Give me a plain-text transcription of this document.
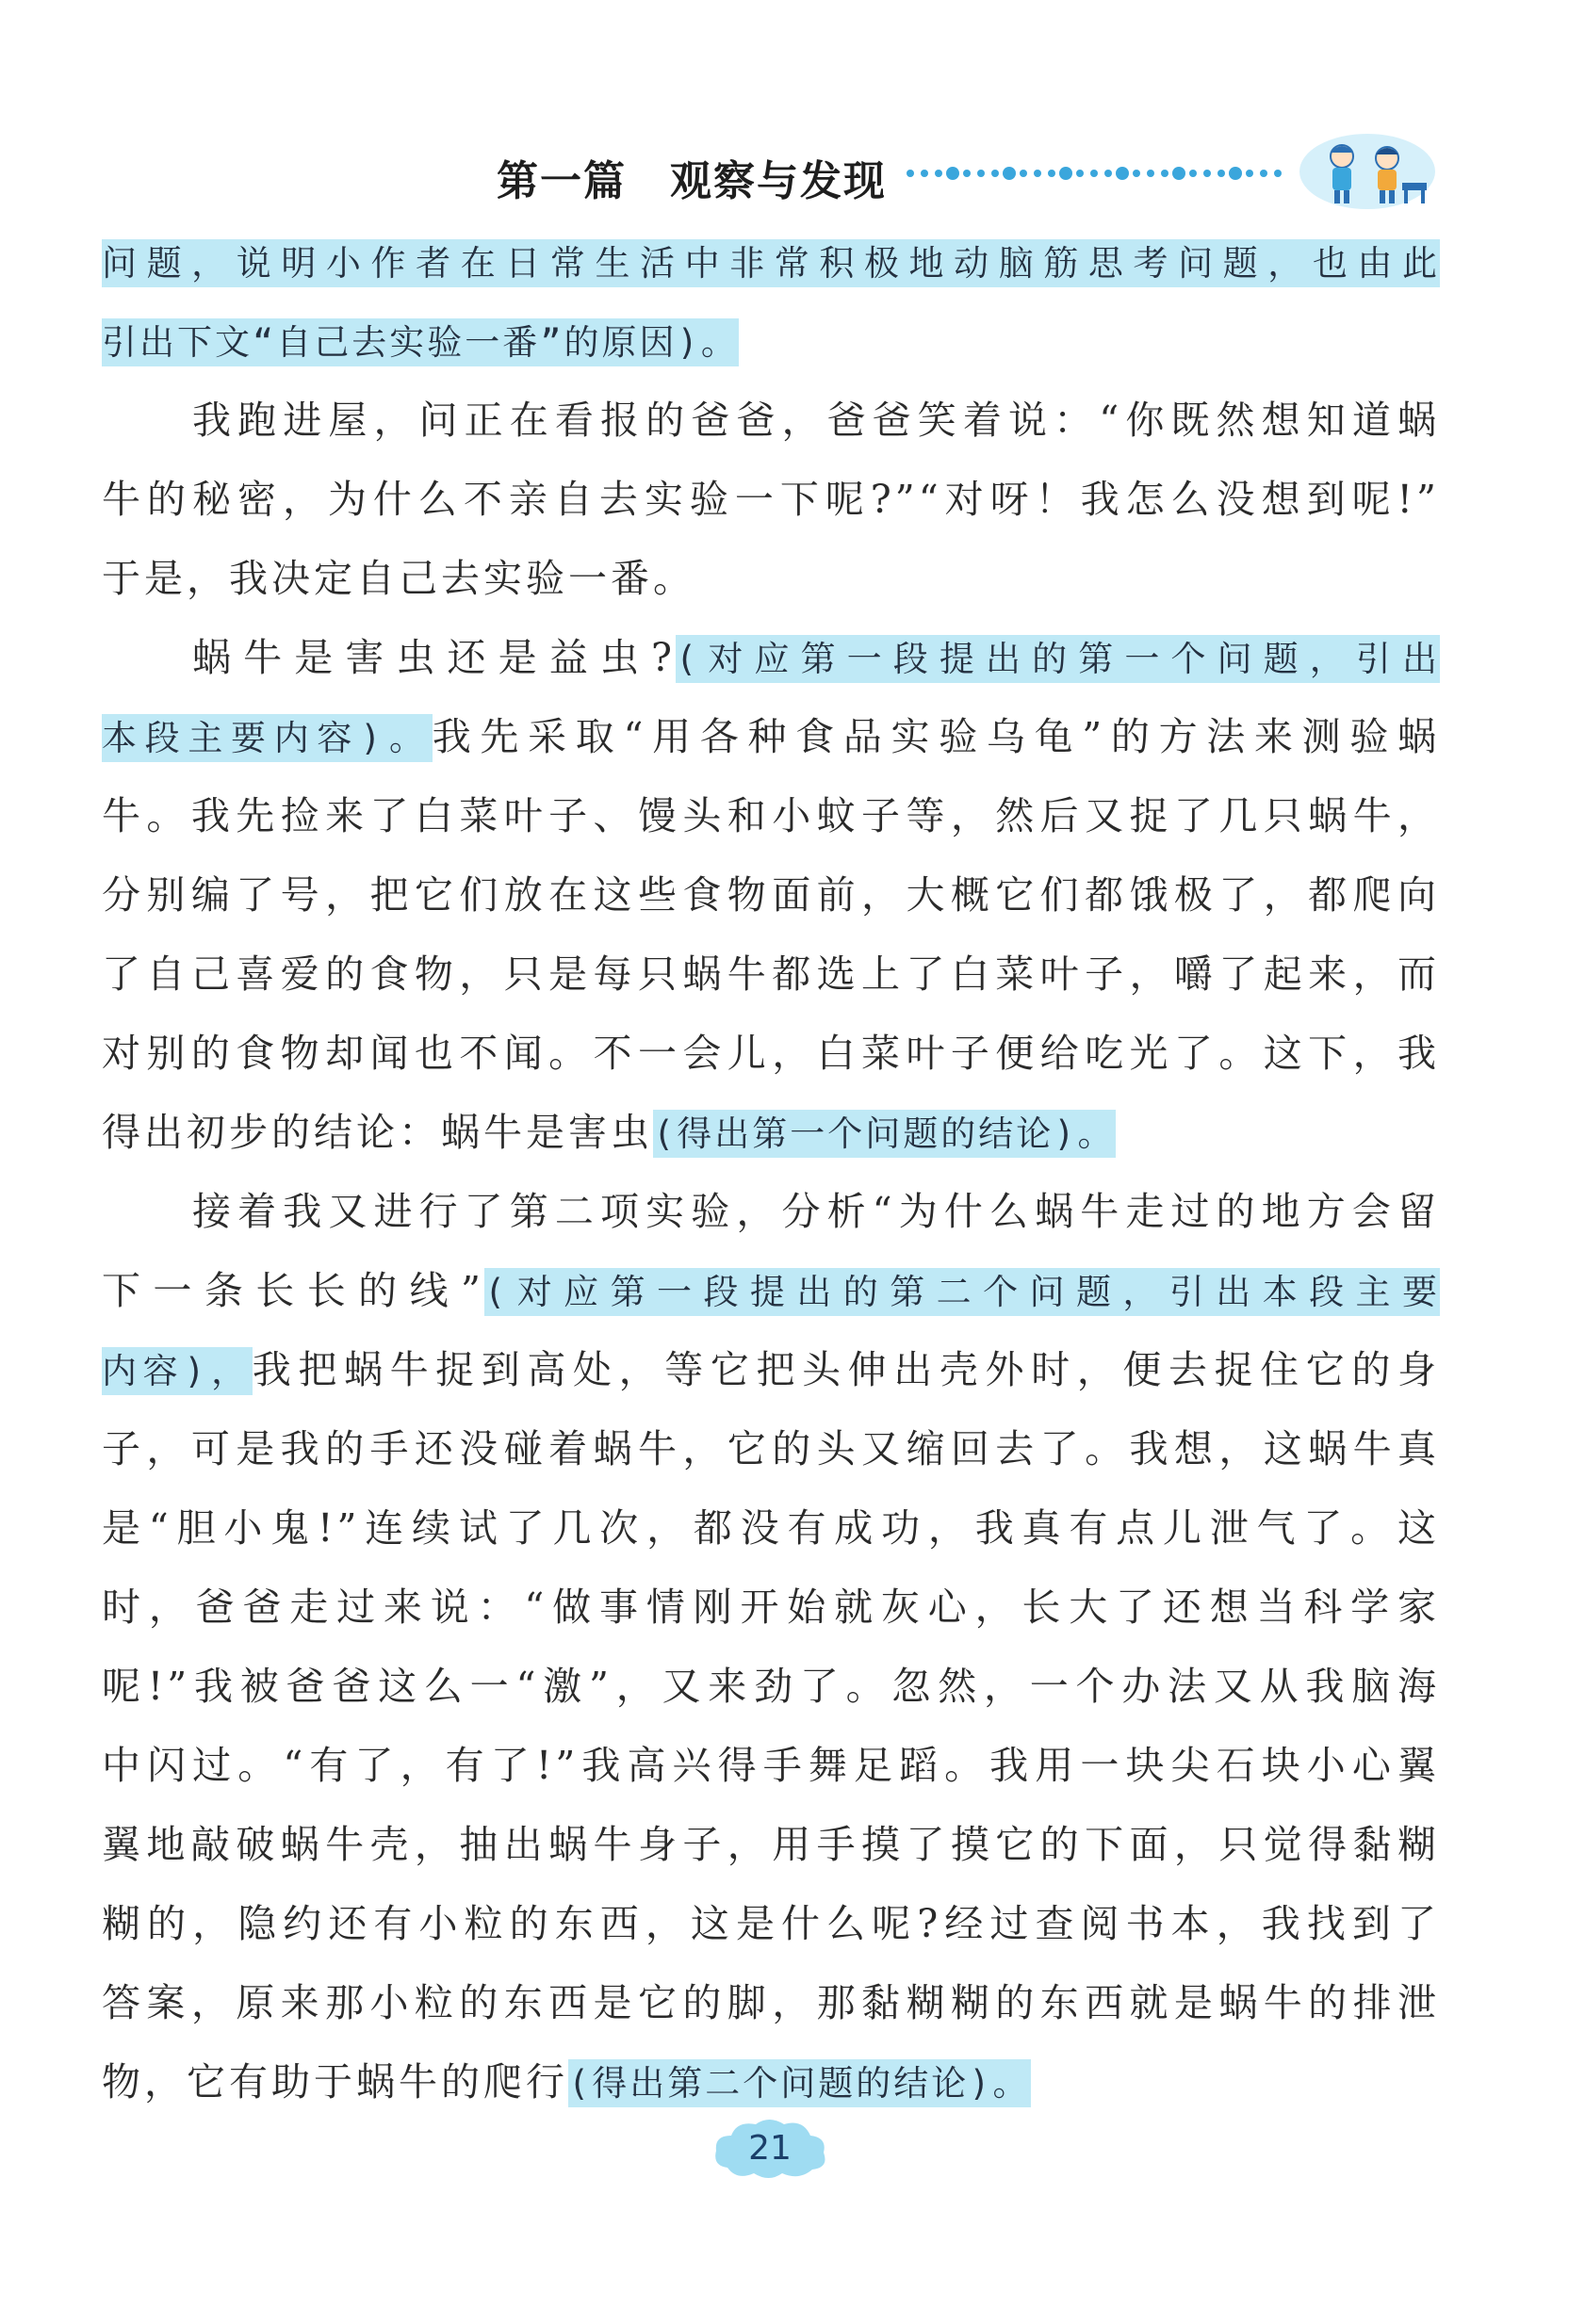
第一篇　观察与发现
问题，说明小作者在日常生活中非常积极地动脑筋思考问题，也由此
引出下文“自己去实验一番”的原因)。
我跑进屋，问正在看报的爸爸，爸爸笑着说：“你既然想知道蜗
牛的秘密，为什么不亲自去实验一下呢?”“对呀！我怎么没想到呢!”
于是，我决定自己去实验一番。
蜗牛是害虫还是益虫?(对应第一段提出的第一个问题，引出
本段主要内容)。我先采取“用各种食品实验乌龟”的方法来测验蜗
牛。我先捡来了白菜叶子、馒头和小蚊子等，然后又捉了几只蜗牛，
分别编了号，把它们放在这些食物面前，大概它们都饿极了，都爬向
了自己喜爱的食物，只是每只蜗牛都选上了白菜叶子，嚼了起来，而
对别的食物却闻也不闻。不一会儿，白菜叶子便给吃光了。这下，我
得出初步的结论：蜗牛是害虫(得出第一个问题的结论)。
接着我又进行了第二项实验，分析“为什么蜗牛走过的地方会留
下一条长长的线”(对应第一段提出的第二个问题，引出本段主要
内容)，我把蜗牛捉到高处，等它把头伸出壳外时，便去捉住它的身
子，可是我的手还没碰着蜗牛，它的头又缩回去了。我想，这蜗牛真
是“胆小鬼!”连续试了几次，都没有成功，我真有点儿泄气了。这
时，爸爸走过来说：“做事情刚开始就灰心，长大了还想当科学家
呢!”我被爸爸这么一“激”，又来劲了。忽然，一个办法又从我脑海
中闪过。“有了，有了!”我高兴得手舞足蹈。我用一块尖石块小心翼
翼地敲破蜗牛壳，抽出蜗牛身子，用手摸了摸它的下面，只觉得黏糊
糊的，隐约还有小粒的东西，这是什么呢?经过查阅书本，我找到了
答案，原来那小粒的东西是它的脚，那黏糊糊的东西就是蜗牛的排泄
物，它有助于蜗牛的爬行(得出第二个问题的结论)。
21
